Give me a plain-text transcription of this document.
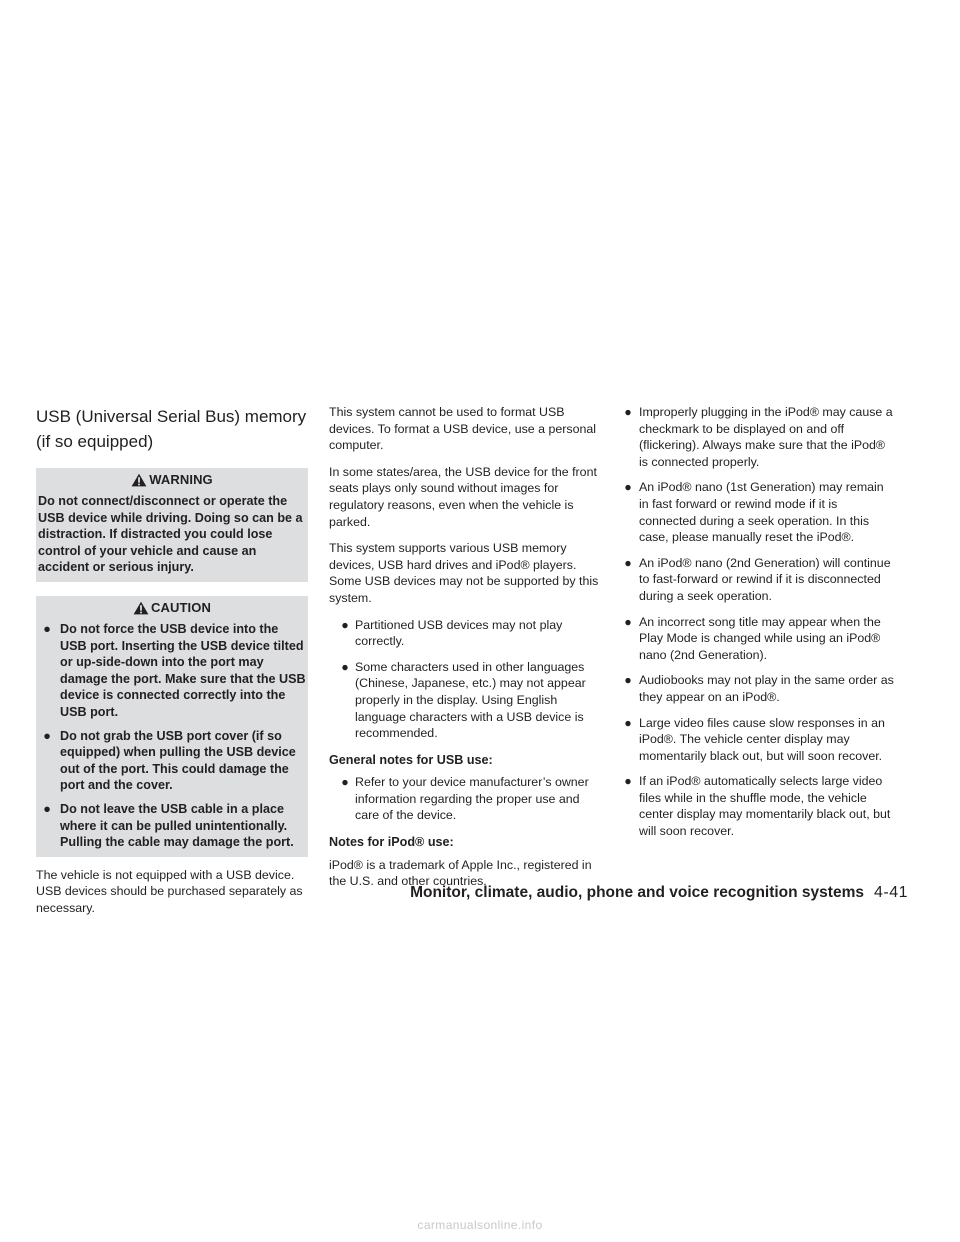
USB (Universal Serial Bus) memory (if so equipped)
WARNING

Do not connect/disconnect or operate the USB device while driving. Doing so can be a distraction. If distracted you could lose control of your vehicle and cause an accident or serious injury.

CAUTION
● Do not force the USB device into the USB port. Inserting the USB device tilted or up-side-down into the port may damage the port. Make sure that the USB device is connected correctly into the USB port.
● Do not grab the USB port cover (if so equipped) when pulling the USB device out of the port. This could damage the port and the cover.
● Do not leave the USB cable in a place where it can be pulled unintentionally. Pulling the cable may damage the port.

The vehicle is not equipped with a USB device. USB devices should be purchased separately as necessary.

This system cannot be used to format USB devices. To format a USB device, use a personal computer.

In some states/area, the USB device for the front seats plays only sound without images for regulatory reasons, even when the vehicle is parked.

This system supports various USB memory devices, USB hard drives and iPod® players. Some USB devices may not be supported by this system.

● Partitioned USB devices may not play correctly.
● Some characters used in other languages (Chinese, Japanese, etc.) may not appear properly in the display. Using English language characters with a USB device is recommended.
General notes for USB use:
● Refer to your device manufacturer’s owner information regarding the proper use and care of the device.
Notes for iPod® use:

iPod® is a trademark of Apple Inc., registered in the U.S. and other countries.

● Improperly plugging in the iPod® may cause a checkmark to be displayed on and off (flickering). Always make sure that the iPod® is connected properly.
● An iPod® nano (1st Generation) may remain in fast forward or rewind mode if it is connected during a seek operation. In this case, please manually reset the iPod®.
● An iPod® nano (2nd Generation) will continue to fast-forward or rewind if it is disconnected during a seek operation.
● An incorrect song title may appear when the Play Mode is changed while using an iPod® nano (2nd Generation).
● Audiobooks may not play in the same order as they appear on an iPod®.
● Large video files cause slow responses in an iPod®. The vehicle center display may momentarily black out, but will soon recover.
● If an iPod® automatically selects large video files while in the shuffle mode, the vehicle center display may momentarily black out, but will soon recover.
Monitor, climate, audio, phone and voice recognition systems 4-41
carmanualsonline.info
